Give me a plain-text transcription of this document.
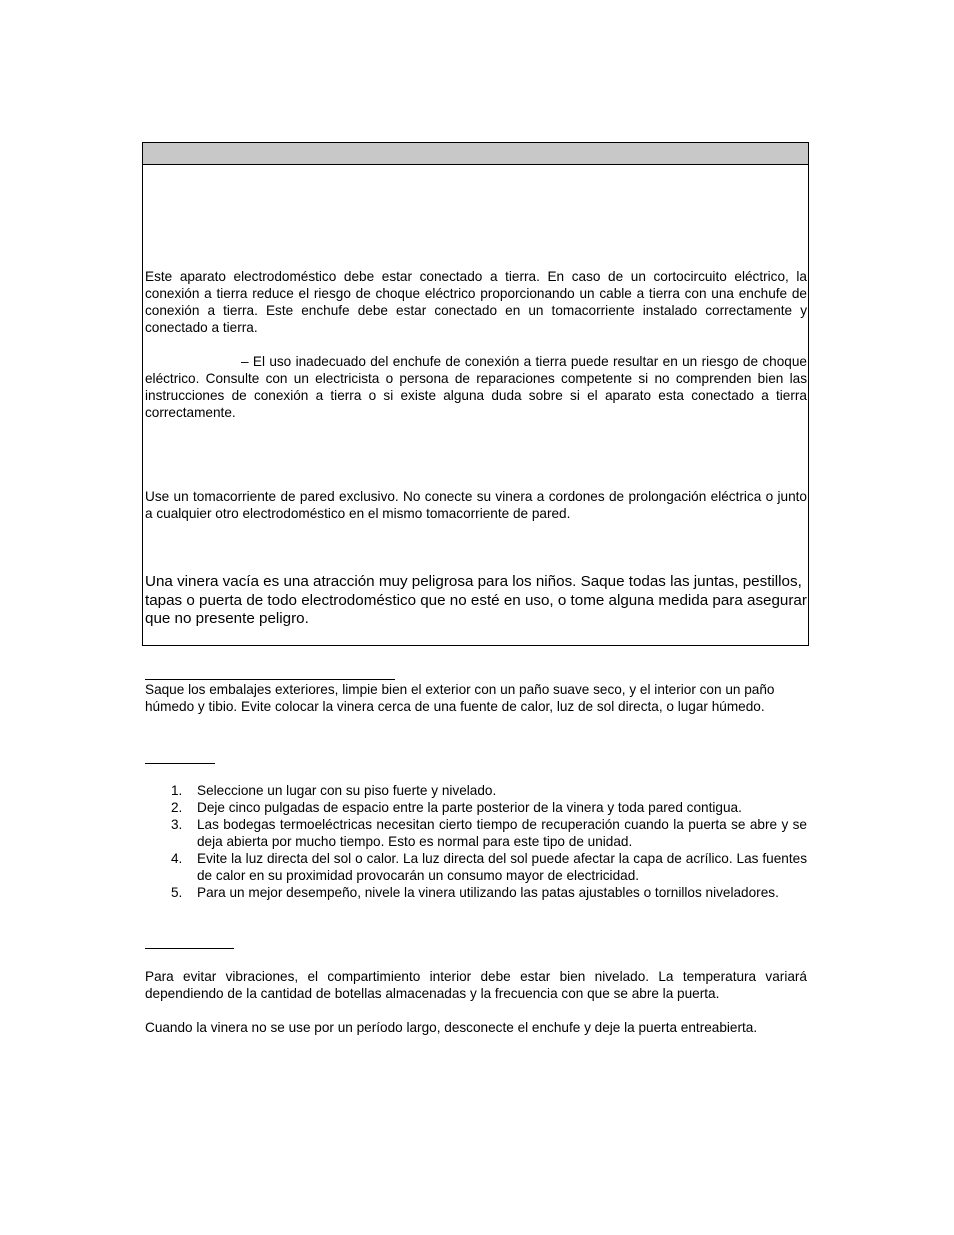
Este aparato electrodoméstico debe estar conectado a tierra. En caso de un cortocircuito eléctrico, la conexión a tierra reduce el riesgo de choque eléctrico proporcionando un cable a tierra con una enchufe de conexión a tierra. Este enchufe debe estar conectado en un tomacorriente instalado correctamente y conectado a tierra.

– El uso inadecuado del enchufe de conexión a tierra puede resultar en un riesgo de choque eléctrico. Consulte con un electricista o persona de reparaciones competente si no comprenden bien las instrucciones de conexión a tierra o si existe alguna duda sobre si el aparato esta conectado a tierra correctamente.

Use un tomacorriente de pared exclusivo. No conecte su vinera a cordones de prolongación eléctrica o junto a cualquier otro electrodoméstico en el mismo tomacorriente de pared.

Una vinera vacía es una atracción muy peligrosa para los niños. Saque todas las juntas, pestillos, tapas o puerta de todo electrodoméstico que no esté en uso, o tome alguna medida para asegurar que no presente peligro.

Saque los embalajes exteriores, limpie bien el exterior con un paño suave seco, y el interior con un paño húmedo y tibio. Evite colocar la vinera cerca de una fuente de calor, luz de sol directa, o lugar húmedo.

1. Seleccione un lugar con su piso fuerte y nivelado.
2. Deje cinco pulgadas de espacio entre la parte posterior de la vinera y toda pared contigua.
3. Las bodegas termoeléctricas necesitan cierto tiempo de recuperación cuando la puerta se abre y se deja abierta por mucho tiempo. Esto es normal para este tipo de unidad.
4. Evite la luz directa del sol o calor. La luz directa del sol puede afectar la capa de acrílico. Las fuentes de calor en su proximidad provocarán un consumo mayor de electricidad.
5. Para un mejor desempeño, nivele la vinera utilizando las patas ajustables o tornillos niveladores.

Para evitar vibraciones, el compartimiento interior debe estar bien nivelado. La temperatura variará dependiendo de la cantidad de botellas almacenadas y la frecuencia con que se abre la puerta.

Cuando la vinera no se use por un período largo, desconecte el enchufe y deje la puerta entreabierta.
